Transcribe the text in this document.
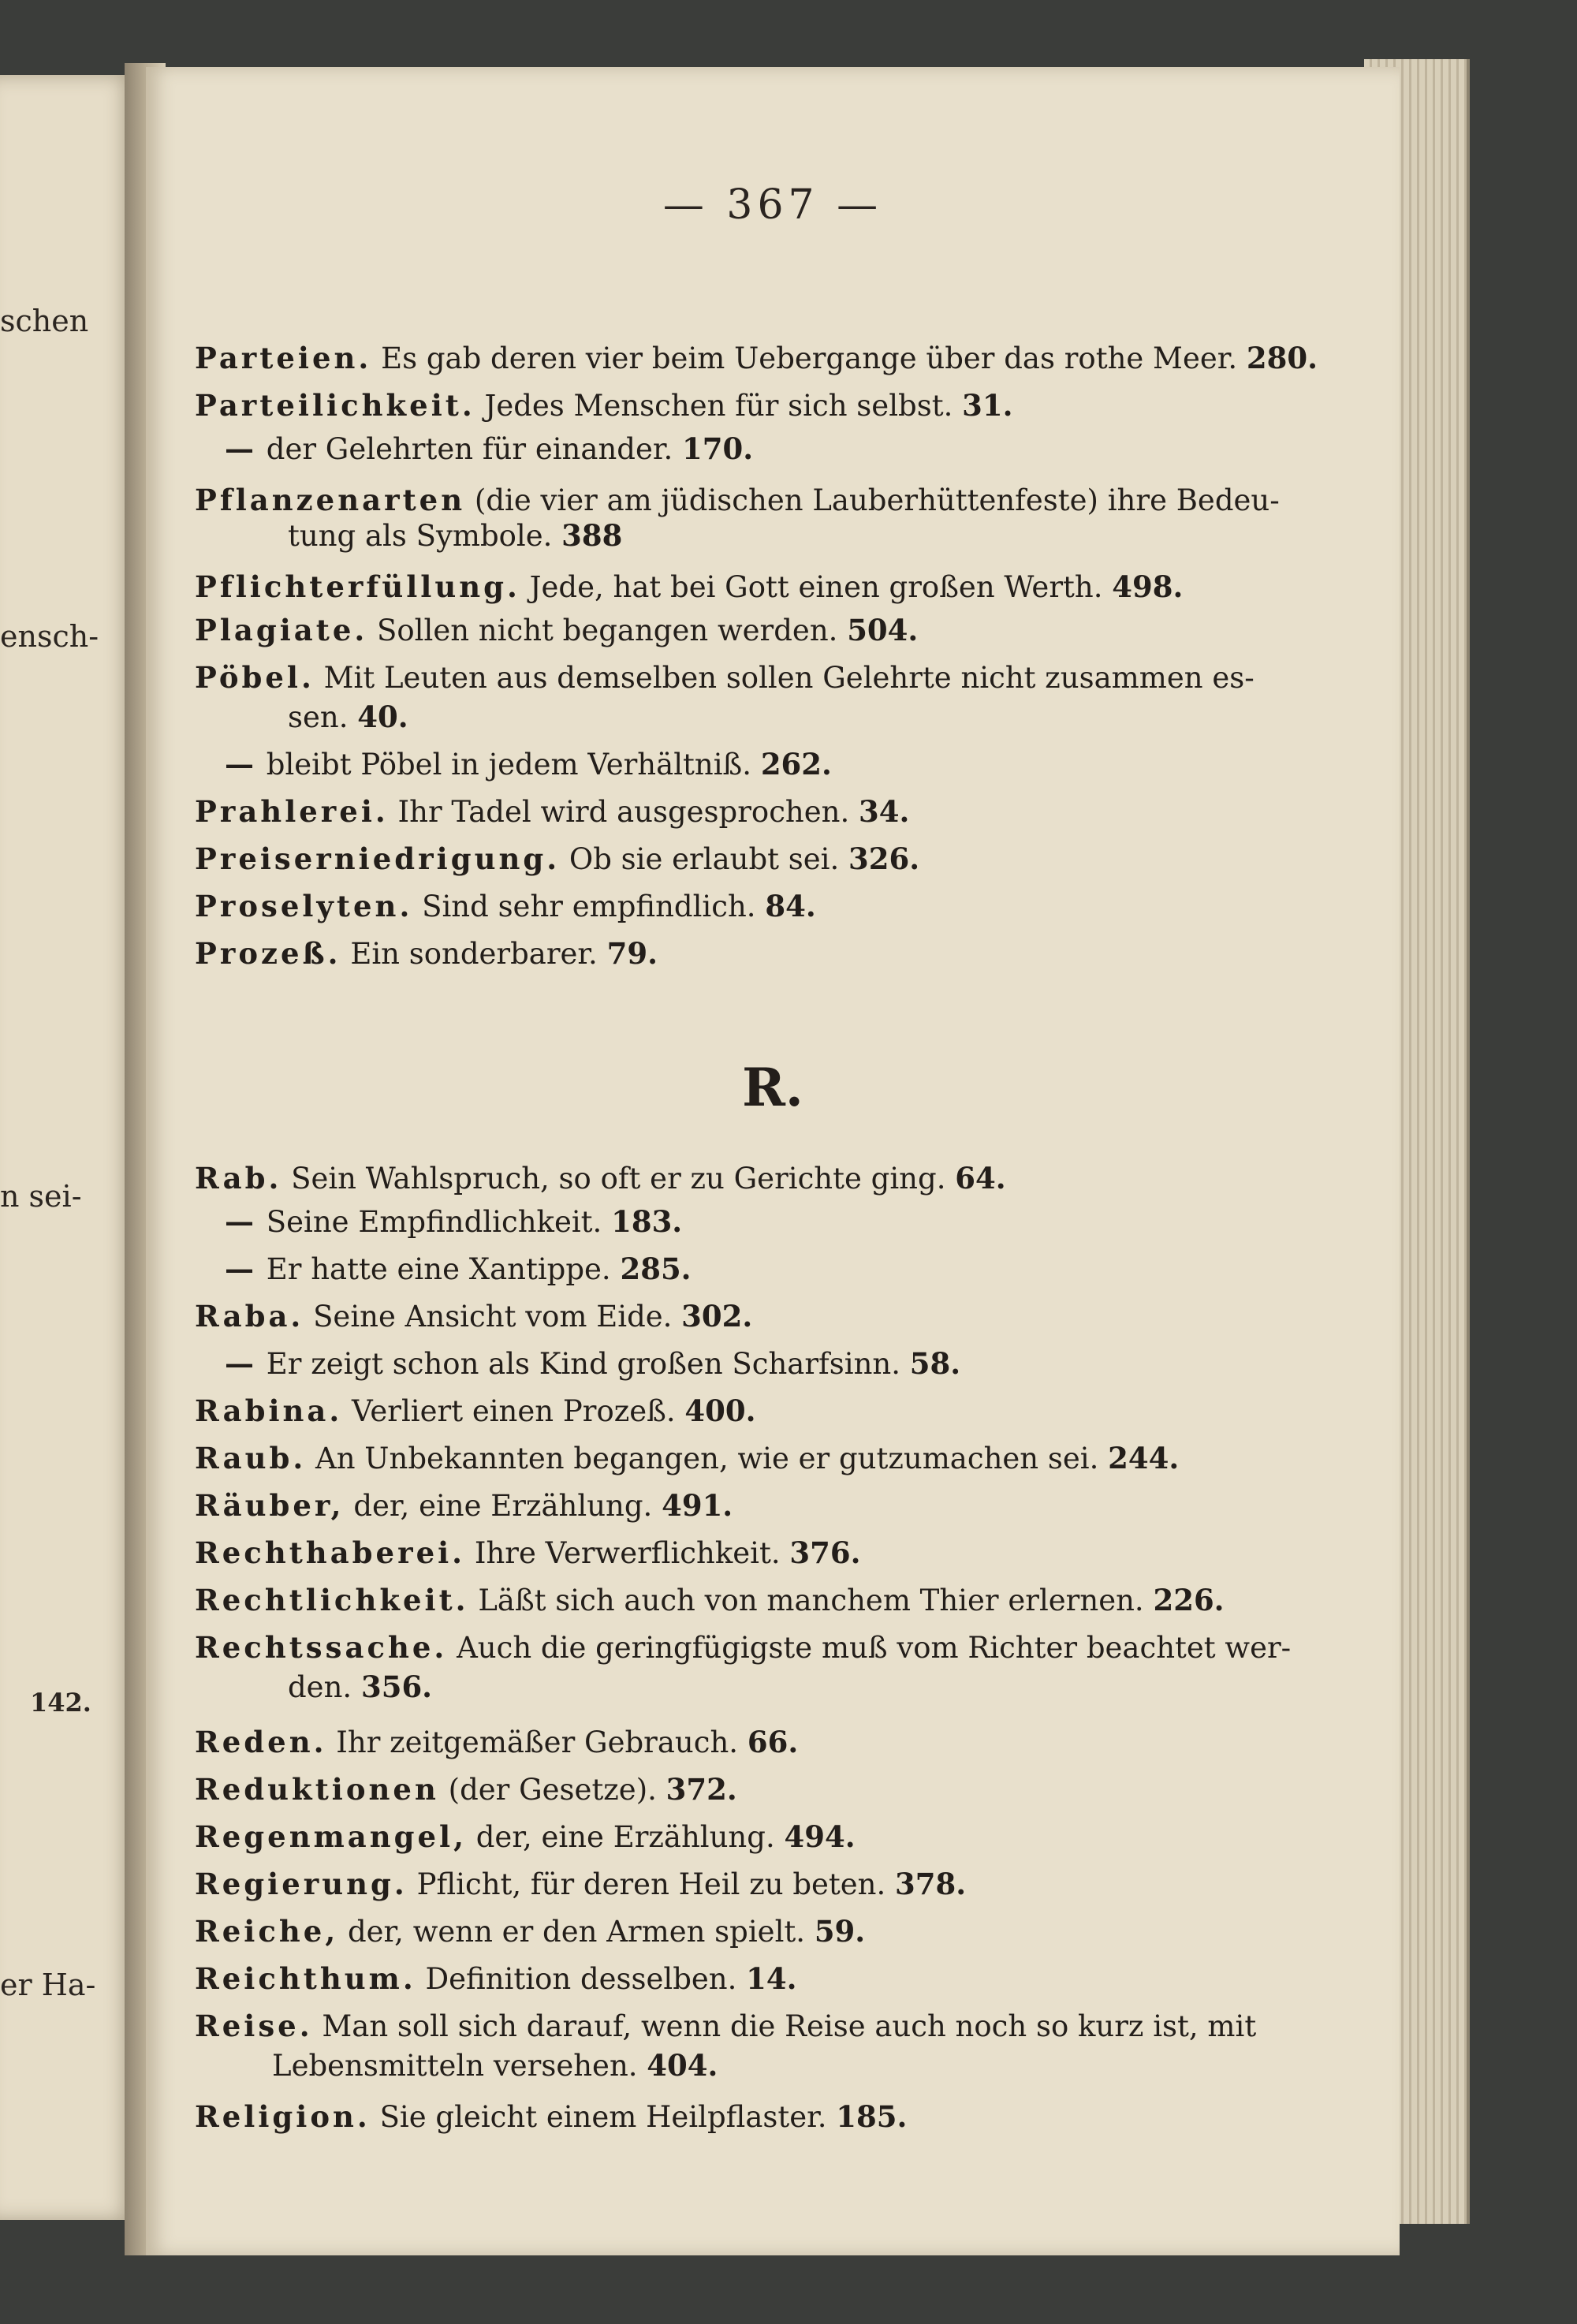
schen
ensch-
n sei-
142.
er Ha-
— 367 —
Parteien. Es gab deren vier beim Uebergange über das rothe Meer. 280.
Parteilichkeit. Jedes Menschen für sich selbst. 31.
— der Gelehrten für einander. 170.
Pflanzenarten (die vier am jüdischen Lauberhüttenfeste) ihre Bedeu-
tung als Symbole. 388
Pflichterfüllung. Jede, hat bei Gott einen großen Werth. 498.
Plagiate. Sollen nicht begangen werden. 504.
Pöbel. Mit Leuten aus demselben sollen Gelehrte nicht zusammen es-
sen. 40.
— bleibt Pöbel in jedem Verhältniß. 262.
Prahlerei. Ihr Tadel wird ausgesprochen. 34.
Preiserniedrigung. Ob sie erlaubt sei. 326.
Proselyten. Sind sehr empfindlich. 84.
Prozeß. Ein sonderbarer. 79.
R.
Rab. Sein Wahlspruch, so oft er zu Gerichte ging. 64.
— Seine Empfindlichkeit. 183.
— Er hatte eine Xantippe. 285.
Raba. Seine Ansicht vom Eide. 302.
— Er zeigt schon als Kind großen Scharfsinn. 58.
Rabina. Verliert einen Prozeß. 400.
Raub. An Unbekannten begangen, wie er gutzumachen sei. 244.
Räuber, der, eine Erzählung. 491.
Rechthaberei. Ihre Verwerflichkeit. 376.
Rechtlichkeit. Läßt sich auch von manchem Thier erlernen. 226.
Rechtssache. Auch die geringfügigste muß vom Richter beachtet wer-
den. 356.
Reden. Ihr zeitgemäßer Gebrauch. 66.
Reduktionen (der Gesetze). 372.
Regenmangel, der, eine Erzählung. 494.
Regierung. Pflicht, für deren Heil zu beten. 378.
Reiche, der, wenn er den Armen spielt. 59.
Reichthum. Definition desselben. 14.
Reise. Man soll sich darauf, wenn die Reise auch noch so kurz ist, mit
Lebensmitteln versehen. 404.
Religion. Sie gleicht einem Heilpflaster. 185.
